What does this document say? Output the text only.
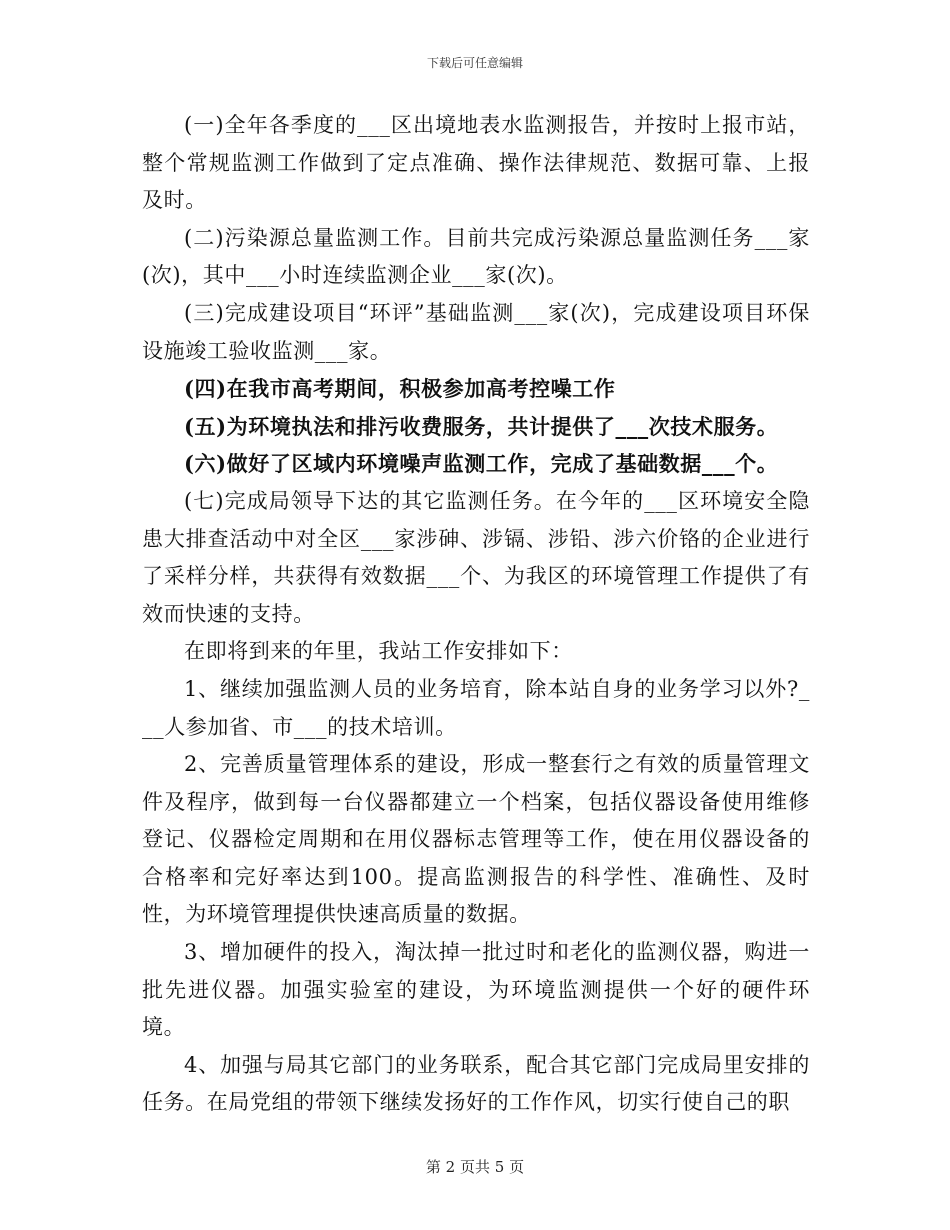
下载后可任意编辑

(一)全年各季度的___区出境地表水监测报告，并按时上报市站，整个常规监测工作做到了定点准确、操作法律规范、数据可靠、上报及时。

(二)污染源总量监测工作。目前共完成污染源总量监测任务___家(次)，其中___小时连续监测企业___家(次)。

(三)完成建设项目“环评”基础监测___家(次)，完成建设项目环保设施竣工验收监测___家。

(四)在我市高考期间，积极参加高考控噪工作

(五)为环境执法和排污收费服务，共计提供了___次技术服务。

(六)做好了区域内环境噪声监测工作，完成了基础数据___个。

(七)完成局领导下达的其它监测任务。在今年的___区环境安全隐患大排查活动中对全区___家涉砷、涉镉、涉铅、涉六价铬的企业进行了采样分样，共获得有效数据___个、为我区的环境管理工作提供了有效而快速的支持。

在即将到来的年里，我站工作安排如下：

1、继续加强监测人员的业务培育，除本站自身的业务学习以外?___人参加省、市___的技术培训。

2、完善质量管理体系的建设，形成一整套行之有效的质量管理文件及程序，做到每一台仪器都建立一个档案，包括仪器设备使用维修登记、仪器检定周期和在用仪器标志管理等工作，使在用仪器设备的合格率和完好率达到100。提高监测报告的科学性、准确性、及时性，为环境管理提供快速高质量的数据。

3、增加硬件的投入，淘汰掉一批过时和老化的监测仪器，购进一批先进仪器。加强实验室的建设，为环境监测提供一个好的硬件环境。

4、加强与局其它部门的业务联系，配合其它部门完成局里安排的任务。在局党组的带领下继续发扬好的工作作风，切实行使自己的职

第 2 页共 5 页
